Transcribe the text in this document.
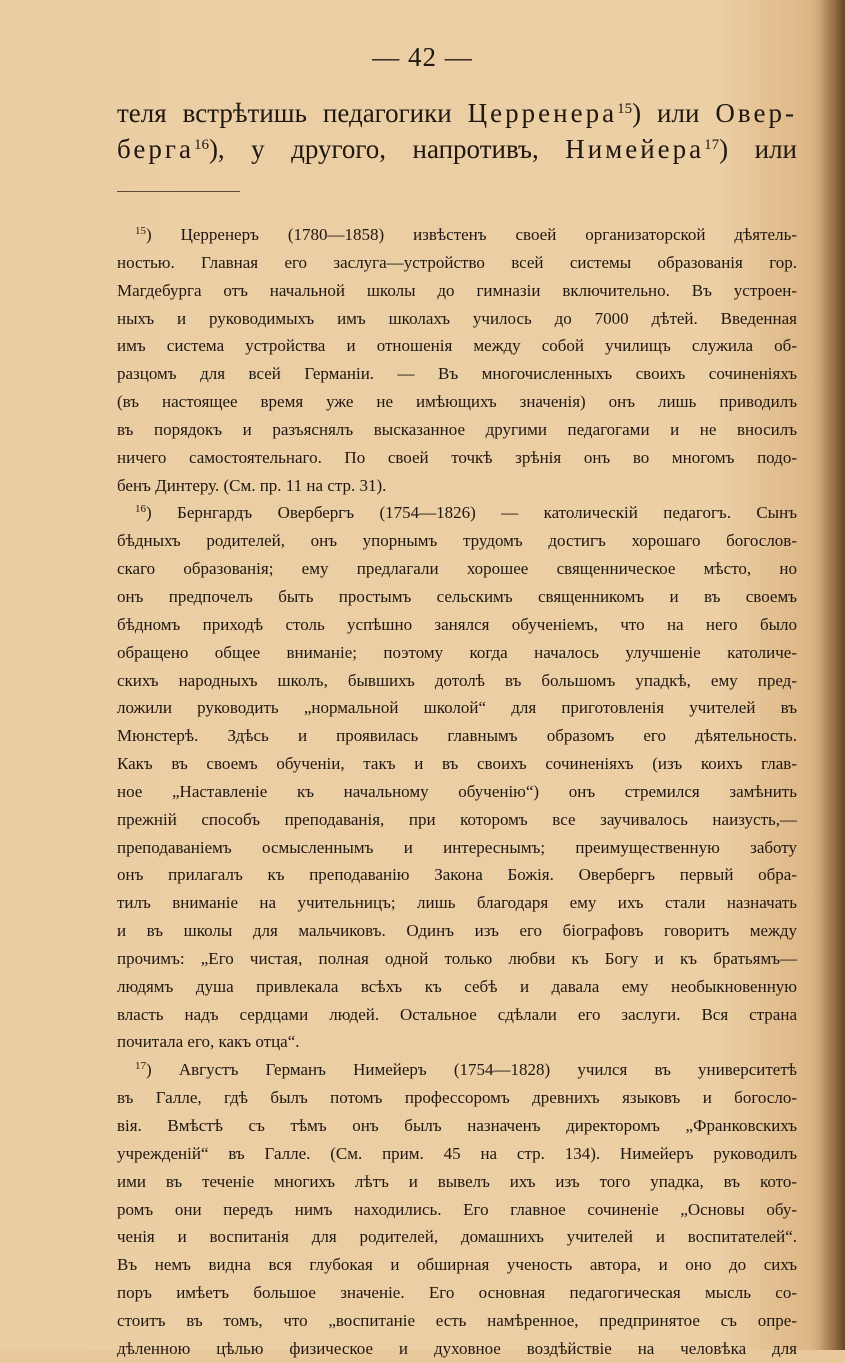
— 42 —
теля встрѣтишь педагогики Церренера$^{15}$) или Овер-
берга$^{16}$), у другого, напротивъ, Нимейера$^{17}$) или
$^{15}$) Церренеръ (1780—1858) извѣстенъ своей организаторской дѣятель-
ностью. Главная его заслуга—устройство всей системы образованія гор.
Магдебурга отъ начальной школы до гимназіи включительно. Въ устроен-
ныхъ и руководимыхъ имъ школахъ училось до 7000 дѣтей. Введенная
имъ система устройства и отношенія между собой училищъ служила об-
разцомъ для всей Германіи. — Въ многочисленныхъ своихъ сочиненіяхъ
(въ настоящее время уже не имѣющихъ значенія) онъ лишь приводилъ
въ порядокъ и разъяснялъ высказанное другими педагогами и не вносилъ
ничего самостоятельнаго. По своей точкѣ зрѣнія онъ во многомъ подо-
бенъ Динтеру. (См. пр. 11 на стр. 31).
$^{16}$) Бернгардъ Овербергъ (1754—1826) — католическій педагогъ. Сынъ
бѣдныхъ родителей, онъ упорнымъ трудомъ достигъ хорошаго богослов-
скаго образованія; ему предлагали хорошее священническое мѣсто, но
онъ предпочелъ быть простымъ сельскимъ священникомъ и въ своемъ
бѣдномъ приходѣ столь успѣшно занялся обученіемъ, что на него было
обращено общее вниманіе; поэтому когда началось улучшеніе католиче-
скихъ народныхъ школъ, бывшихъ дотолѣ въ большомъ упадкѣ, ему пред-
ложили руководить „нормальной школой“ для приготовленія учителей въ
Мюнстерѣ. Здѣсь и проявилась главнымъ образомъ его дѣятельность.
Какъ въ своемъ обученіи, такъ и въ своихъ сочиненіяхъ (изъ коихъ глав-
ное „Наставленіе къ начальному обученію“) онъ стремился замѣнить
прежній способъ преподаванія, при которомъ все заучивалось наизусть,—
преподаваніемъ осмысленнымъ и интереснымъ; преимущественную заботу
онъ прилагалъ къ преподаванію Закона Божія. Овербергъ первый обра-
тилъ вниманіе на учительницъ; лишь благодаря ему ихъ стали назначать
и въ школы для мальчиковъ. Одинъ изъ его біографовъ говоритъ между
прочимъ: „Его чистая, полная одной только любви къ Богу и къ братьямъ—
людямъ душа привлекала всѣхъ къ себѣ и давала ему необыкновенную
власть надъ сердцами людей. Остальное сдѣлали его заслуги. Вся страна
почитала его, какъ отца“.
$^{17}$) Августъ Германъ Нимейеръ (1754—1828) учился въ университетѣ
въ Галле, гдѣ былъ потомъ профессоромъ древнихъ языковъ и богосло-
вія. Вмѣстѣ съ тѣмъ онъ былъ назначенъ директоромъ „Франковскихъ
учрежденій“ въ Галле. (См. прим. 45 на стр. 134). Нимейеръ руководилъ
ими въ теченіе многихъ лѣтъ и вывелъ ихъ изъ того упадка, въ кото-
ромъ они передъ нимъ находились. Его главное сочиненіе „Основы обу-
ченія и воспитанія для родителей, домашнихъ учителей и воспитателей“.
Въ немъ видна вся глубокая и обширная ученость автора, и оно до сихъ
поръ имѣетъ большое значеніе. Его основная педагогическая мысль со-
стоитъ въ томъ, что „воспитаніе есть намѣренное, предпринятое съ опре-
дѣленною цѣлью физическое и духовное воздѣйствіе на человѣка для
